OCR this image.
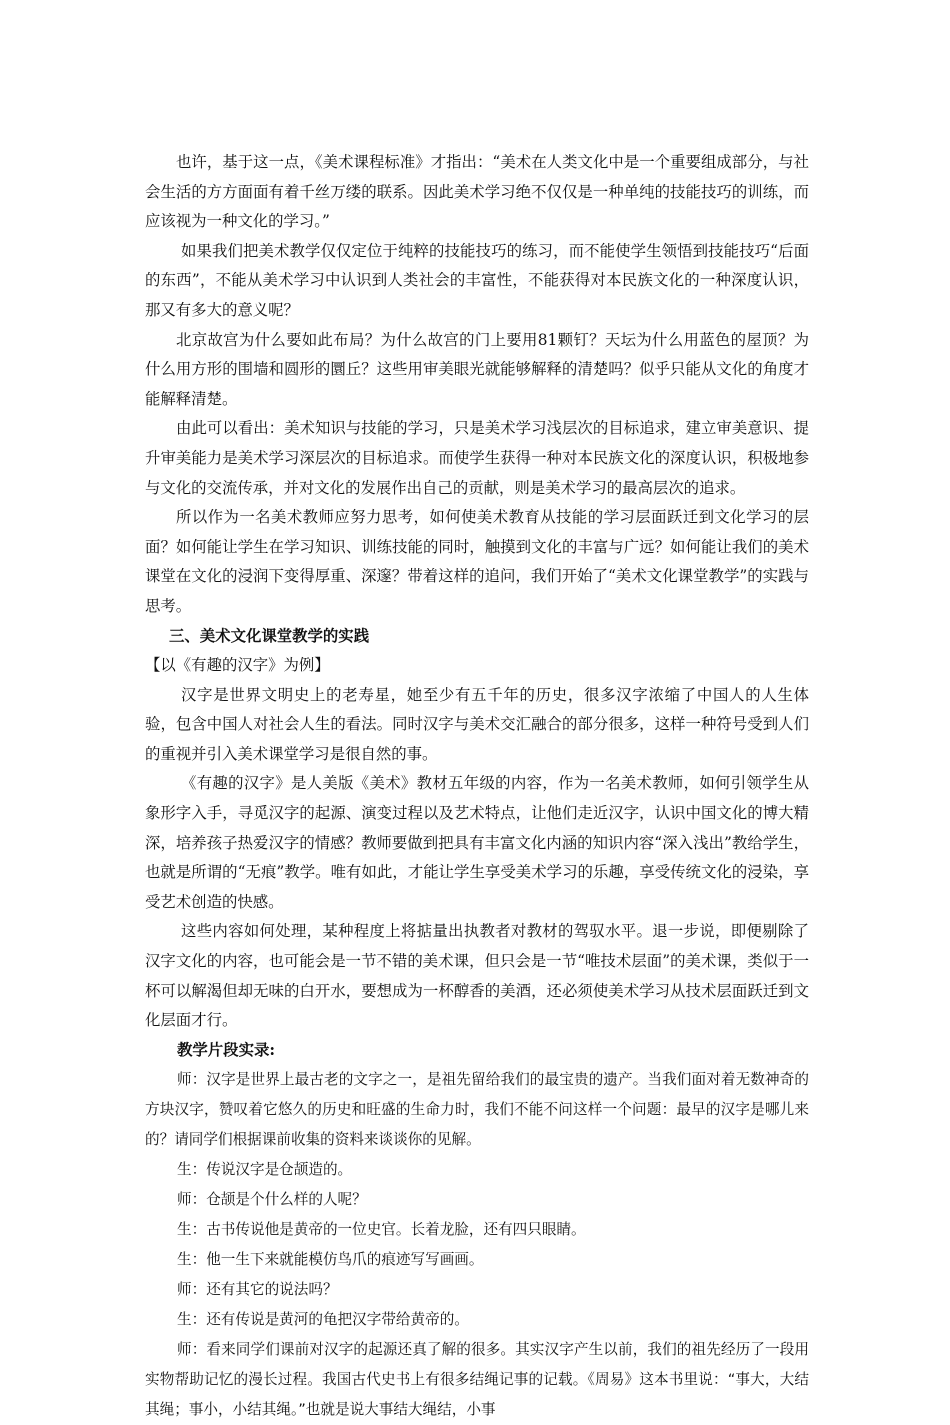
也许，基于这一点，《美术课程标准》才指出：“美术在人类文化中是一个重要组成部分，与社会生活的方方面面有着千丝万缕的联系。因此美术学习绝不仅仅是一种单纯的技能技巧的训练，而应该视为一种文化的学习。”

如果我们把美术教学仅仅定位于纯粹的技能技巧的练习，而不能使学生领悟到技能技巧“后面的东西”，不能从美术学习中认识到人类社会的丰富性，不能获得对本民族文化的一种深度认识，那又有多大的意义呢？

北京故宫为什么要如此布局？为什么故宫的门上要用81颗钉？天坛为什么用蓝色的屋顶？为什么用方形的围墙和圆形的圜丘？这些用审美眼光就能够解释的清楚吗？似乎只能从文化的角度才能解释清楚。

由此可以看出：美术知识与技能的学习，只是美术学习浅层次的目标追求，建立审美意识、提升审美能力是美术学习深层次的目标追求。而使学生获得一种对本民族文化的深度认识，积极地参与文化的交流传承，并对文化的发展作出自己的贡献，则是美术学习的最高层次的追求。

所以作为一名美术教师应努力思考，如何使美术教育从技能的学习层面跃迁到文化学习的层面？如何能让学生在学习知识、训练技能的同时，触摸到文化的丰富与广远？如何能让我们的美术课堂在文化的浸润下变得厚重、深邃？带着这样的追问，我们开始了“美术文化课堂教学”的实践与思考。

三、美术文化课堂教学的实践

【以《有趣的汉字》为例】

汉字是世界文明史上的老寿星，她至少有五千年的历史，很多汉字浓缩了中国人的人生体验，包含中国人对社会人生的看法。同时汉字与美术交汇融合的部分很多，这样一种符号受到人们的重视并引入美术课堂学习是很自然的事。

《有趣的汉字》是人美版《美术》教材五年级的内容，作为一名美术教师，如何引领学生从象形字入手，寻觅汉字的起源、演变过程以及艺术特点，让他们走近汉字，认识中国文化的博大精深，培养孩子热爱汉字的情感？教师要做到把具有丰富文化内涵的知识内容“深入浅出”教给学生，也就是所谓的“无痕”教学。唯有如此，才能让学生享受美术学习的乐趣，享受传统文化的浸染，享受艺术创造的快感。

这些内容如何处理，某种程度上将掂量出执教者对教材的驾驭水平。退一步说，即便剔除了汉字文化的内容，也可能会是一节不错的美术课，但只会是一节“唯技术层面”的美术课，类似于一杯可以解渴但却无味的白开水，要想成为一杯醇香的美酒，还必须使美术学习从技术层面跃迁到文化层面才行。

教学片段实录:

师：汉字是世界上最古老的文字之一，是祖先留给我们的最宝贵的遗产。当我们面对着无数神奇的方块汉字，赞叹着它悠久的历史和旺盛的生命力时，我们不能不问这样一个问题：最早的汉字是哪儿来的？请同学们根据课前收集的资料来谈谈你的见解。

生：传说汉字是仓颉造的。

师：仓颉是个什么样的人呢？

生：古书传说他是黄帝的一位史官。长着龙脸，还有四只眼睛。

生：他一生下来就能模仿鸟爪的痕迹写写画画。

师：还有其它的说法吗？

生：还有传说是黄河的龟把汉字带给黄帝的。

师：看来同学们课前对汉字的起源还真了解的很多。其实汉字产生以前，我们的祖先经历了一段用实物帮助记忆的漫长过程。我国古代史书上有很多结绳记事的记载。《周易》这本书里说：“事大，大结其绳；事小，小结其绳。”也就是说大事结大绳结，小事
